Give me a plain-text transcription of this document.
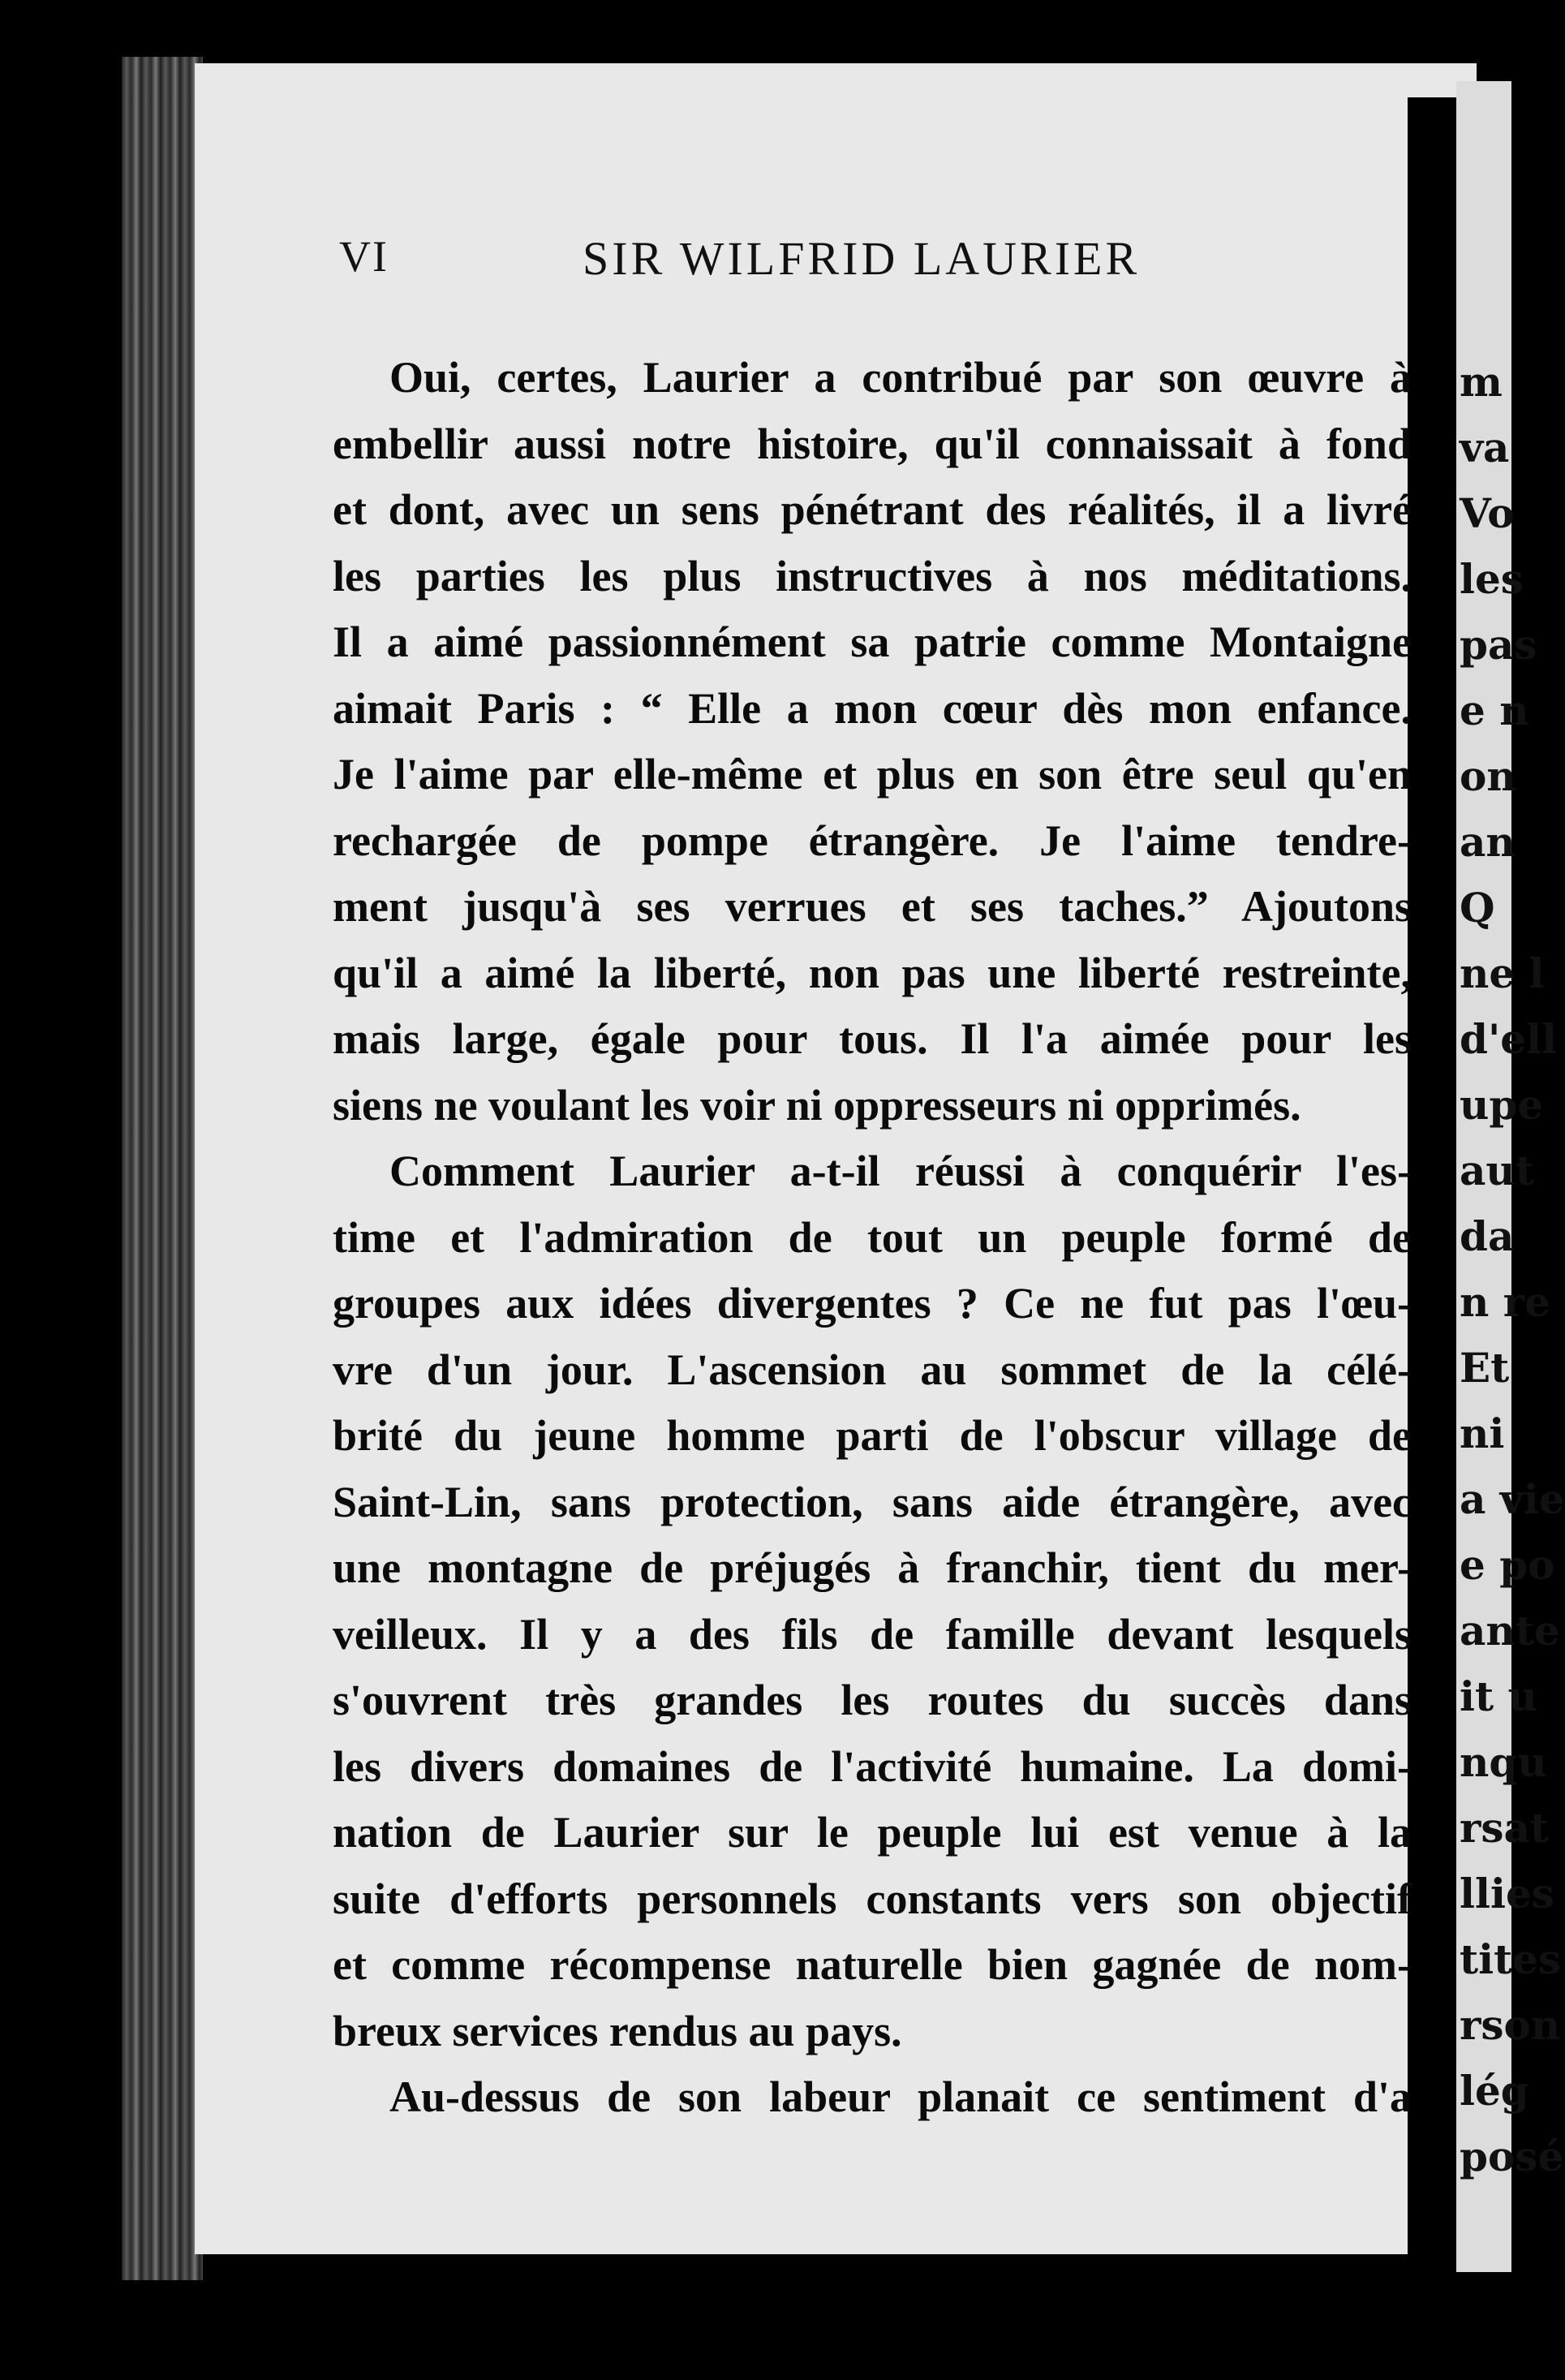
m
va
Vo
les
pas
e n
on
an
Q
ne l
d'ell
upe
aut
da
n re
Et
ni
a vie
e po
ante
it u
nqu
rsat
llies
tites
rson
lég
posé
VI	SIR WILFRID LAURIER
Oui, certes, Laurier a contribué par son œuvre à
embellir aussi notre histoire, qu'il connaissait à fond
et dont, avec un sens pénétrant des réalités, il a livré
les parties les plus instructives à nos méditations.
Il a aimé passionnément sa patrie comme Montaigne
aimait Paris : “ Elle a mon cœur dès mon enfance.
Je l'aime par elle-même et plus en son être seul qu'en
rechargée de pompe étrangère. Je l'aime tendre-
ment jusqu'à ses verrues et ses taches.” Ajoutons
qu'il a aimé la liberté, non pas une liberté restreinte,
mais large, égale pour tous. Il l'a aimée pour les
siens ne voulant les voir ni oppresseurs ni opprimés.
Comment Laurier a-t-il réussi à conquérir l'es-
time et l'admiration de tout un peuple formé de
groupes aux idées divergentes ? Ce ne fut pas l'œu-
vre d'un jour. L'ascension au sommet de la célé-
brité du jeune homme parti de l'obscur village de
Saint-Lin, sans protection, sans aide étrangère, avec
une montagne de préjugés à franchir, tient du mer-
veilleux. Il y a des fils de famille devant lesquels
s'ouvrent très grandes les routes du succès dans
les divers domaines de l'activité humaine. La domi-
nation de Laurier sur le peuple lui est venue à la
suite d'efforts personnels constants vers son objectif
et comme récompense naturelle bien gagnée de nom-
breux services rendus au pays.
Au-dessus de son labeur planait ce sentiment d'a
